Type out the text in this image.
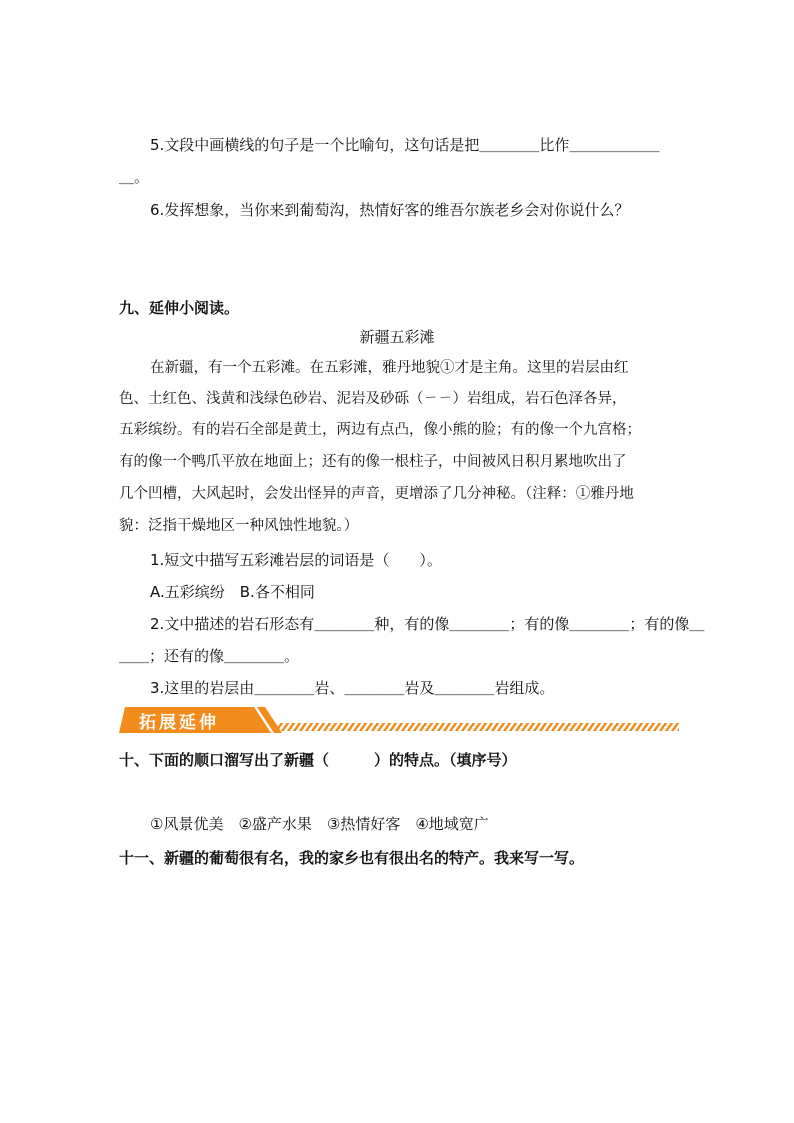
5.文段中画横线的句子是一个比喻句，这句话是把＿＿＿＿比作＿＿＿＿＿＿
＿。
6.发挥想象，当你来到葡萄沟，热情好客的维吾尔族老乡会对你说什么？
九、延伸小阅读。
新疆五彩滩
在新疆，有一个五彩滩。在五彩滩，雅丹地貌①才是主角。这里的岩层由红
色、土红色、浅黄和浅绿色砂岩、泥岩及砂砾（ㄧㄧ）岩组成，岩石色泽各异，
五彩缤纷。有的岩石全部是黄土，两边有点凸，像小熊的脸；有的像一个九宫格；
有的像一个鸭爪平放在地面上；还有的像一根柱子，中间被风日积月累地吹出了
几个凹槽，大风起时，会发出怪异的声音，更增添了几分神秘。（注释：①雅丹地
貌：泛指干燥地区一种风蚀性地貌。）
1.短文中描写五彩滩岩层的词语是（　　）。
A.五彩缤纷　B.各不相同
2.文中描述的岩石形态有＿＿＿＿种，有的像＿＿＿＿；有的像＿＿＿＿；有的像＿
＿＿；还有的像＿＿＿＿。
3.这里的岩层由＿＿＿＿岩、＿＿＿＿岩及＿＿＿＿岩组成。
拓展延伸
十、下面的顺口溜写出了新疆（　　　）的特点。（填序号）
①风景优美　②盛产水果　③热情好客　④地域宽广
十一、新疆的葡萄很有名，我的家乡也有很出名的特产。我来写一写。
